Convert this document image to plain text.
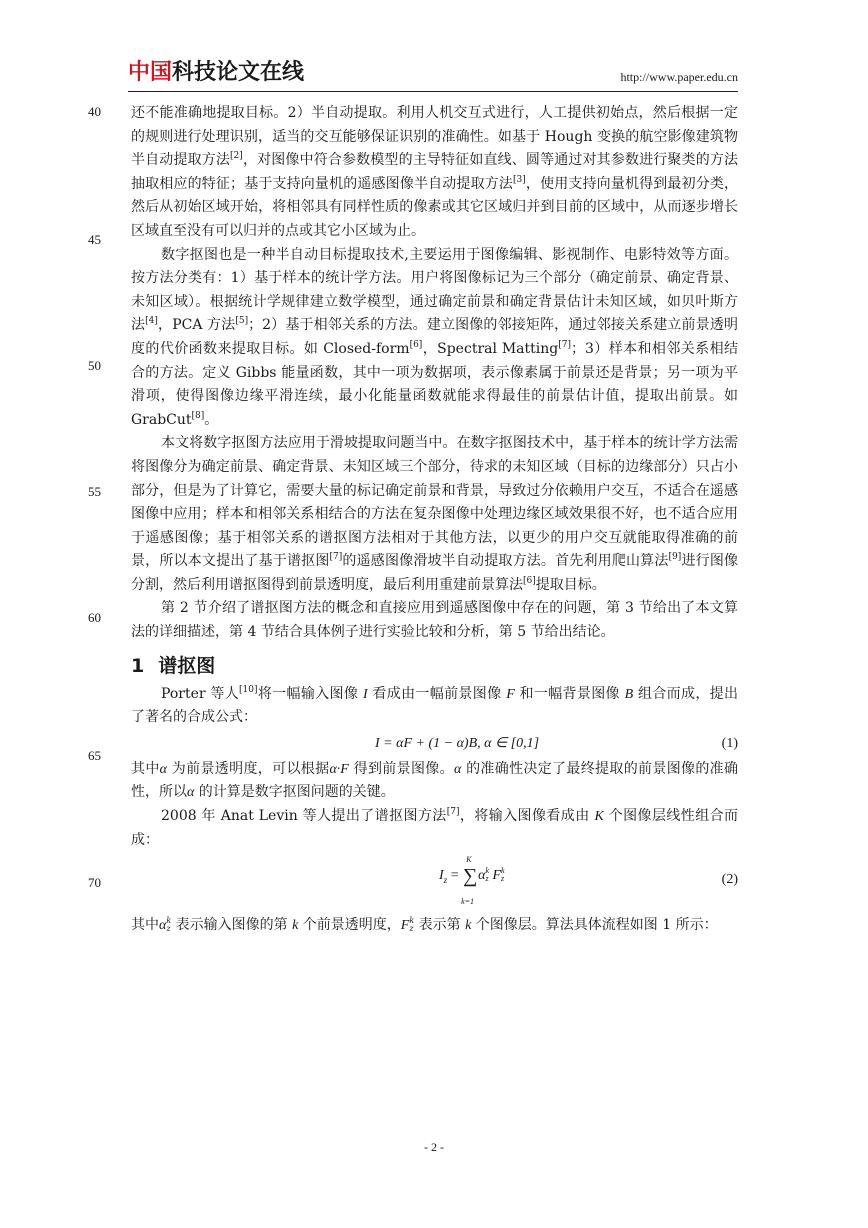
中国科技论文在线	http://www.paper.edu.cn
40
45
50
55
60
65
70

还不能准确地提取目标。2）半自动提取。利用人机交互式进行，人工提供初始点，然后根据一定的规则进行处理识别，适当的交互能够保证识别的准确性。如基于 Hough 变换的航空影像建筑物半自动提取方法[2]，对图像中符合参数模型的主导特征如直线、圆等通过对其参数进行聚类的方法抽取相应的特征；基于支持向量机的遥感图像半自动提取方法[3]，使用支持向量机得到最初分类，然后从初始区域开始，将相邻具有同样性质的像素或其它区域归并到目前的区域中，从而逐步增长区域直至没有可以归并的点或其它小区域为止。

数字抠图也是一种半自动目标提取技术,主要运用于图像编辑、影视制作、电影特效等方面。按方法分类有：1）基于样本的统计学方法。用户将图像标记为三个部分（确定前景、确定背景、未知区域）。根据统计学规律建立数学模型，通过确定前景和确定背景估计未知区域，如贝叶斯方法[4]，PCA 方法[5]；2）基于相邻关系的方法。建立图像的邻接矩阵，通过邻接关系建立前景透明度的代价函数来提取目标。如 Closed-form[6]，Spectral Matting[7]；3）样本和相邻关系相结合的方法。定义 Gibbs 能量函数，其中一项为数据项，表示像素属于前景还是背景；另一项为平滑项，使得图像边缘平滑连续，最小化能量函数就能求得最佳的前景估计值，提取出前景。如 GrabCut[8]。

本文将数字抠图方法应用于滑坡提取问题当中。在数字抠图技术中，基于样本的统计学方法需将图像分为确定前景、确定背景、未知区域三个部分，待求的未知区域（目标的边缘部分）只占小部分，但是为了计算它，需要大量的标记确定前景和背景，导致过分依赖用户交互，不适合在遥感图像中应用；样本和相邻关系相结合的方法在复杂图像中处理边缘区域效果很不好，也不适合应用于遥感图像；基于相邻关系的谱抠图方法相对于其他方法，以更少的用户交互就能取得准确的前景，所以本文提出了基于谱抠图[7]的遥感图像滑坡半自动提取方法。首先利用爬山算法[9]进行图像分割，然后利用谱抠图得到前景透明度，最后利用重建前景算法[6]提取目标。

第 2 节介绍了谱抠图方法的概念和直接应用到遥感图像中存在的问题，第 3 节给出了本文算法的详细描述，第 4 节结合具体例子进行实验比较和分析，第 5 节给出结论。

1 谱抠图

Porter 等人[10]将一幅输入图像 I 看成由一幅前景图像 F 和一幅背景图像 B 组合而成，提出了著名的合成公式：

I = αF + (1 − α)B, α ∈ [0,1]	(1)

其中α 为前景透明度，可以根据α·F 得到前景图像。α 的准确性决定了最终提取的前景图像的准确性，所以α 的计算是数字抠图问题的关键。

2008 年 Anat Levin 等人提出了谱抠图方法[7]，将输入图像看成由 K 个图像层线性组合而成：

$I_z$ = ∑
K
k=1
α k
z F k
z	(2)

其中α k
z 表示输入图像的第 k 个前景透明度，F k
z 表示第 k 个图像层。算法具体流程如图 1 所示：

- 2 -
